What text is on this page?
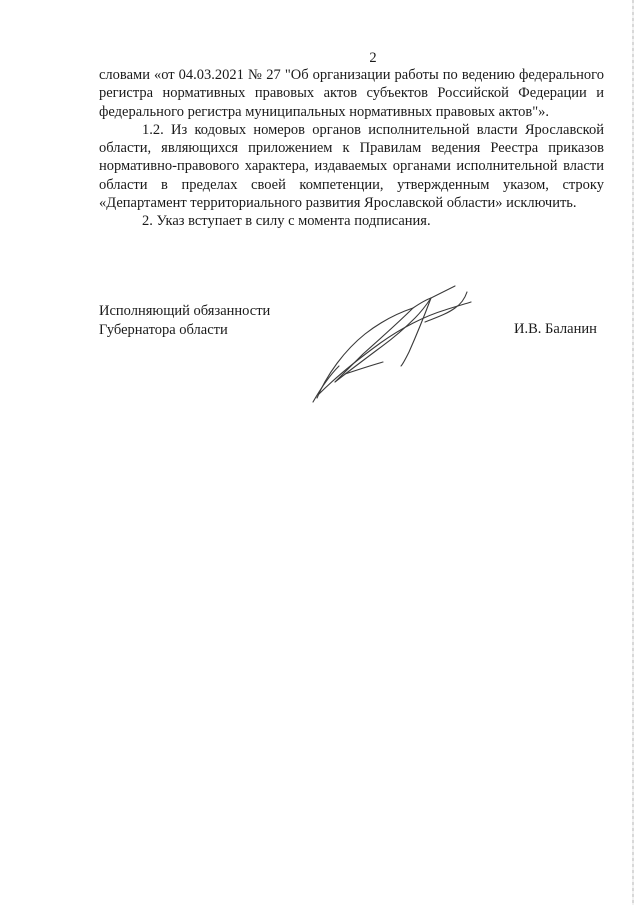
2

словами «от 04.03.2021 № 27 "Об организации работы по ведению федерального регистра нормативных правовых актов субъектов Российской Федерации и федерального регистра муниципальных нормативных правовых актов"».

1.2. Из кодовых номеров органов исполнительной власти Ярославской области, являющихся приложением к Правилам ведения Реестра приказов нормативно-правового характера, издаваемых органами исполнительной власти области в пределах своей компетенции, утвержденным указом, строку «Департамент территориального развития Ярославской области» исключить.

2. Указ вступает в силу с момента подписания.

Исполняющий обязанности
Губернатора области	И.В. Баланин
